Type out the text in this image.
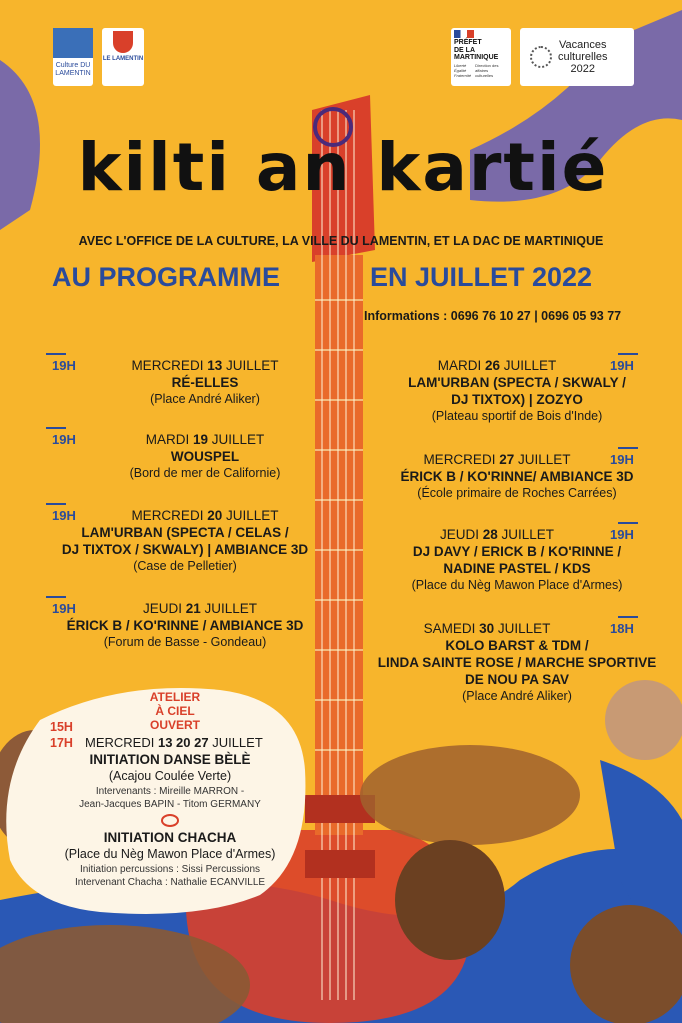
Culture DU LAMENTIN
LE LAMENTIN
PRÉFET
DE LA
MARTINIQUE
Liberté
Égalité
Fraternité
Direction des
affaires
culturelles
Vacances
culturelles
2022
kilti an kartié
AVEC L'OFFICE DE LA CULTURE, LA VILLE DU LAMENTIN, ET LA DAC DE MARTINIQUE
AU PROGRAMME	EN JUILLET 2022
Informations : 0696 76 10 27 | 0696 05 93 77
19H	MERCREDI 13 JUILLET
RÉ-ELLES
(Place André Aliker)
19H	MARDI 19 JUILLET
WOUSPEL
(Bord de mer de Californie)
19H	MERCREDI 20 JUILLET
LAM'URBAN (SPECTA / CELAS /
DJ TIXTOX / SKWALY) | AMBIANCE 3D
(Case de Pelletier)
19H	JEUDI 21 JUILLET
ÉRICK B / KO'RINNE / AMBIANCE 3D
(Forum de Basse - Gondeau)
19H
MARDI 26 JUILLET
LAM'URBAN (SPECTA / SKWALY /
DJ TIXTOX) | ZOZYO
(Plateau sportif de Bois d'Inde)
19H
MERCREDI 27 JUILLET
ÉRICK B / KO'RINNE/ AMBIANCE 3D
(École primaire de Roches Carrées)
19H
JEUDI 28 JUILLET
DJ DAVY / ERICK B / KO'RINNE /
NADINE PASTEL / KDS
(Place du Nèg Mawon Place d'Armes)
18H
SAMEDI 30 JUILLET
KOLO BARST & TDM /
LINDA SAINTE ROSE / MARCHE SPORTIVE
DE NOU PA SAV
(Place André Aliker)
ATELIER
À CIEL OUVERT
15H
17H MERCREDI 13 20 27 JUILLET
INITIATION DANSE BÈLÈ
(Acajou Coulée Verte)
Intervenants : Mireille MARRON -
Jean-Jacques BAPIN - Titom GERMANY
INITIATION CHACHA
(Place du Nèg Mawon Place d'Armes)
Initiation percussions : Sissi Percussions
Intervenant Chacha : Nathalie ECANVILLE
